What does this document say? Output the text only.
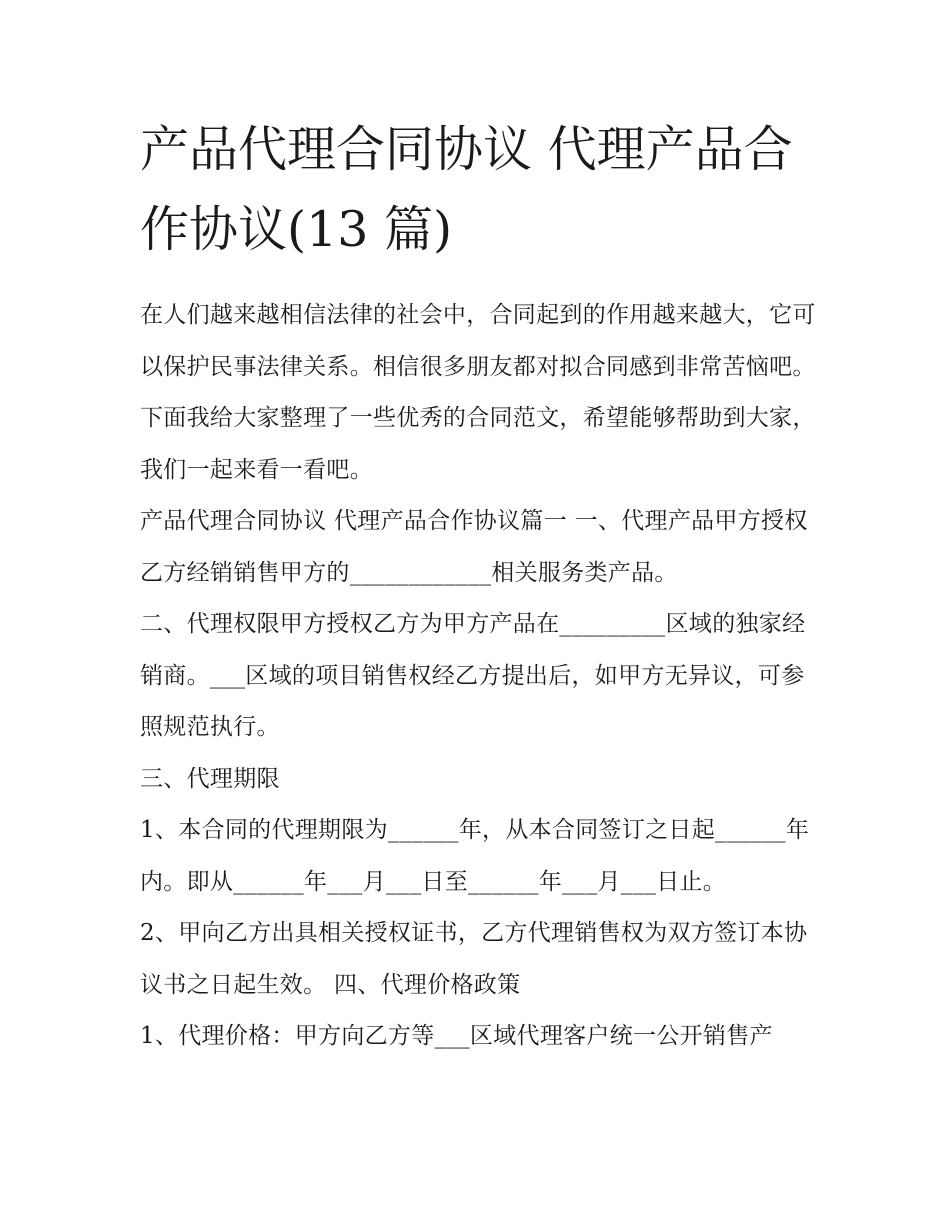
产品代理合同协议 代理产品合作协议(13 篇)

在人们越来越相信法律的社会中，合同起到的作用越来越大，它可以保护民事法律关系。相信很多朋友都对拟合同感到非常苦恼吧。下面我给大家整理了一些优秀的合同范文，希望能够帮助到大家，我们一起来看一看吧。

产品代理合同协议 代理产品合作协议篇一 一、代理产品甲方授权乙方经销销售甲方的____________相关服务类产品。

二、代理权限甲方授权乙方为甲方产品在_________区域的独家经销商。___区域的项目销售权经乙方提出后，如甲方无异议，可参照规范执行。

三、代理期限

1、本合同的代理期限为______年，从本合同签订之日起______年内。即从______年___月___日至______年___月___日止。

2、甲向乙方出具相关授权证书，乙方代理销售权为双方签订本协议书之日起生效。 四、代理价格政策

1、代理价格：甲方向乙方等___区域代理客户统一公开销售产
